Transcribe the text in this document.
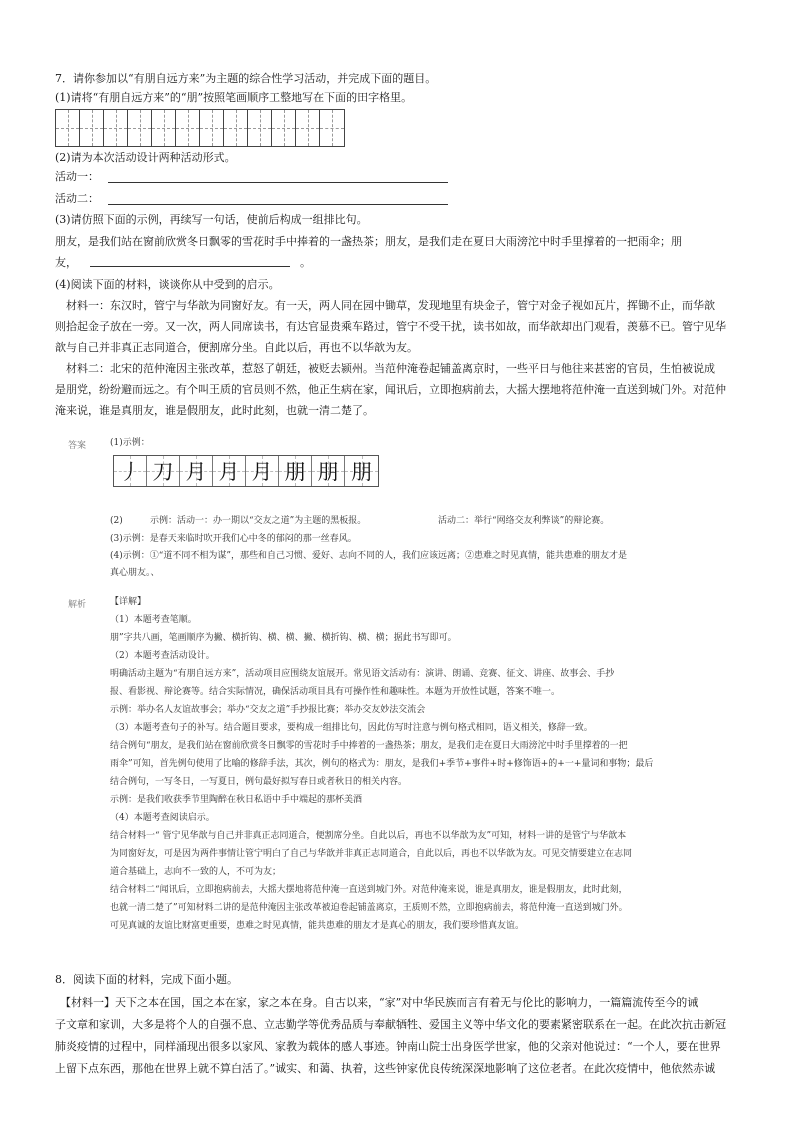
7．请你参加以“有朋自远方来”为主题的综合性学习活动，并完成下面的题目。
(1)请将“有朋自远方来”的“朋”按照笔画顺序工整地写在下面的田字格里。
(2)请为本次活动设计两种活动形式。
活动一：
活动二：
(3)请仿照下面的示例，再续写一句话，使前后构成一组排比句。
朋友，是我们站在窗前欣赏冬日飘零的雪花时手中捧着的一盏热茶；朋友，是我们走在夏日大雨滂沱中时手里撑着的一把雨伞；朋
友，	。
(4)阅读下面的材料，谈谈你从中受到的启示。
材料一：东汉时，管宁与华歆为同窗好友。有一天，两人同在园中锄草，发现地里有块金子，管宁对金子视如瓦片，挥锄不止，而华歆
则拾起金子放在一旁。又一次，两人同席读书，有达官显贵乘车路过，管宁不受干扰，读书如故，而华歆却出门观看，羡慕不已。管宁见华
歆与自己并非真正志同道合，便割席分坐。自此以后，再也不以华歆为友。
材料二：北宋的范仲淹因主张改革，惹怒了朝廷，被贬去颍州。当范仲淹卷起铺盖离京时，一些平日与他往来甚密的官员，生怕被说成
是朋党，纷纷避而远之。有个叫王质的官员则不然，他正生病在家，闻讯后，立即抱病前去，大摇大摆地将范仲淹一直送到城门外。对范仲
淹来说，谁是真朋友，谁是假朋友，此时此刻，也就一清二楚了。
答案	(1)示例：
丿 刀 月 月 月 朋 朋 朋
(2)	示例：活动一：办一期以“交友之道”为主题的黑板报。	活动二：举行“网络交友利弊谈”的辩论赛。
(3)示例：是春天来临时吹开我们心中冬的郁闷的那一丝春风。
(4)示例：①“道不同不相为谋”，那些和自己习惯、爱好、志向不同的人，我们应该远离；②患难之时见真情，能共患难的朋友才是
真心朋友。、
解析	【详解】
（1）本题考查笔顺。
朋”字共八画，笔画顺序为撇、横折钩、横、横、撇、横折钩、横、横；据此书写即可。
（2）本题考查活动设计。
明确活动主题为“有朋自远方来”，活动项目应围绕友谊展开。常见语文活动有：演讲、朗诵、竞赛、征文、讲座、故事会、手抄
报、看影视、辩论赛等。结合实际情况，确保活动项目具有可操作性和趣味性。本题为开放性试题，答案不唯一。
示例：举办名人友谊故事会；举办“交友之道”手抄报比赛；举办交友妙法交流会
（3）本题考查句子的补写。结合题目要求，要构成一组排比句，因此仿写时注意与例句格式相同，语义相关，修辞一致。
结合例句“朋友，是我们站在窗前欣赏冬日飘零的雪花时手中捧着的一盏热茶；朋友，是我们走在夏日大雨滂沱中时手里撑着的一把
雨伞”可知，首先例句使用了比喻的修辞手法，其次，例句的格式为：朋友，是我们+季节+事件+时+修饰语+的+一+量词和事物；最后
结合例句，一写冬日，一写夏日，例句最好拟写春日或者秋日的相关内容。
示例：是我们收获季节里陶醉在秋日私语中手中端起的那杯美酒
（4）本题考查阅读启示。
结合材料一“ 管宁见华歆与自己并非真正志同道合，便割席分坐。自此以后，再也不以华歆为友”可知，材料一讲的是管宁与华歆本
为同窗好友，可是因为两件事情让管宁明白了自己与华歆并非真正志同道合，自此以后，再也不以华歆为友。可见交情要建立在志同
道合基础上，志向不一致的人，不可为友；
结合材料二“闻讯后，立即抱病前去，大摇大摆地将范仲淹一直送到城门外。对范仲淹来说，谁是真朋友，谁是假朋友，此时此刻，
也就一清二楚了”可知材料二讲的是范仲淹因主张改革被迫卷起铺盖离京，王质则不然，立即抱病前去，将范仲淹一直送到城门外。
可见真诚的友谊比财富更重要，患难之时见真情，能共患难的朋友才是真心的朋友，我们要珍惜真友谊。
8．阅读下面的材料，完成下面小题。
【材料一】天下之本在国，国之本在家，家之本在身。自古以来，“家”对中华民族而言有着无与伦比的影响力，一篇篇流传至今的诫
子文章和家训，大多是将个人的自强不息、立志勤学等优秀品质与奉献牺牲、爱国主义等中华文化的要素紧密联系在一起。在此次抗击新冠
肺炎疫情的过程中，同样涌现出很多以家风、家教为载体的感人事迹。钟南山院士出身医学世家，他的父亲对他说过：“一个人，要在世界
上留下点东西，那他在世界上就不算白活了。”诚实、和蔼、执着，这些钟家优良传统深深地影响了这位老者。在此次疫情中，他依然赤诚
